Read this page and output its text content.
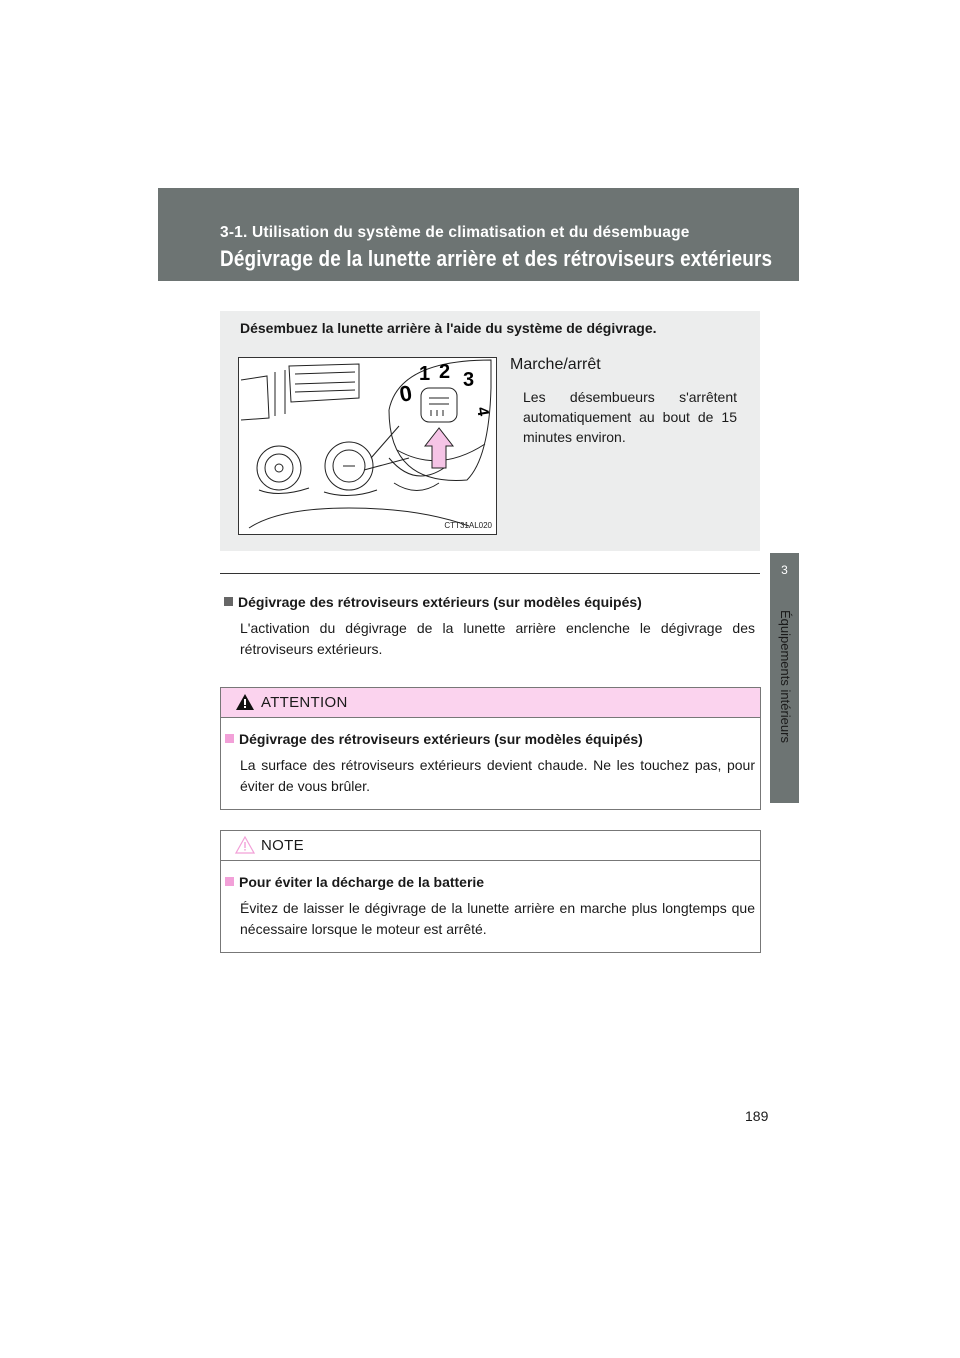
3-1. Utilisation du système de climatisation et du désembuage
Dégivrage de la lunette arrière et des rétroviseurs extérieurs
3
Équipements intérieurs
Désembuez la lunette arrière à l'aide du système de dégivrage.
0
1 2 3
4
CTT31AL020
Marche/arrêt
Les désembueurs s'arrêtent automatiquement au bout de 15 minutes environ.
Dégivrage des rétroviseurs extérieurs (sur modèles équipés)
L'activation du dégivrage de la lunette arrière enclenche le dégivrage des rétroviseurs extérieurs.
ATTENTION
Dégivrage des rétroviseurs extérieurs (sur modèles équipés)
La surface des rétroviseurs extérieurs devient chaude. Ne les touchez pas, pour éviter de vous brûler.
NOTE
Pour éviter la décharge de la batterie
Évitez de laisser le dégivrage de la lunette arrière en marche plus longtemps que nécessaire lorsque le moteur est arrêté.
189
